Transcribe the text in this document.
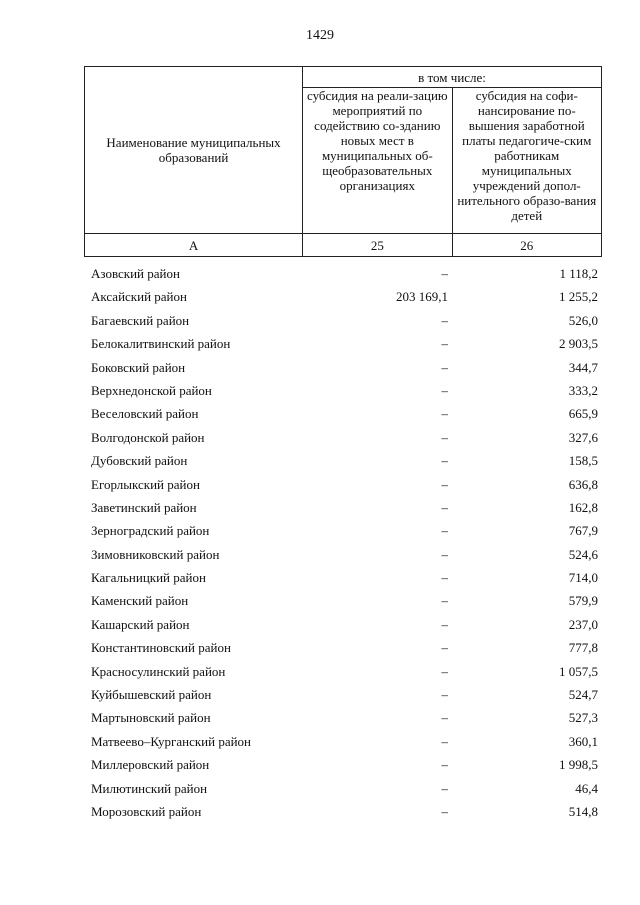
1429
Наименование муниципальных образований	в том числе:	
	субсидия на реали-зацию мероприятий по содействию со-зданию новых мест в муниципальных об-щеобразовательных организациях	субсидия на софи-нансирование по-вышения заработной платы педагогиче-ским работникам муниципальных учреждений допол-нительного образо-вания детей
А	25	26
Азовский район	–	1 118,2
Аксайский район	203 169,1	1 255,2
Багаевский район	–	526,0
Белокалитвинский район	–	2 903,5
Боковский район	–	344,7
Верхнедонской район	–	333,2
Веселовский район	–	665,9
Волгодонской район	–	327,6
Дубовский район	–	158,5
Егорлыкский район	–	636,8
Заветинский район	–	162,8
Зерноградский район	–	767,9
Зимовниковский район	–	524,6
Кагальницкий район	–	714,0
Каменский район	–	579,9
Кашарский район	–	237,0
Константиновский район	–	777,8
Красносулинский район	–	1 057,5
Куйбышевский район	–	524,7
Мартыновский район	–	527,3
Матвеево–Курганский район	–	360,1
Миллеровский район	–	1 998,5
Милютинский район	–	46,4
Морозовский район	–	514,8
